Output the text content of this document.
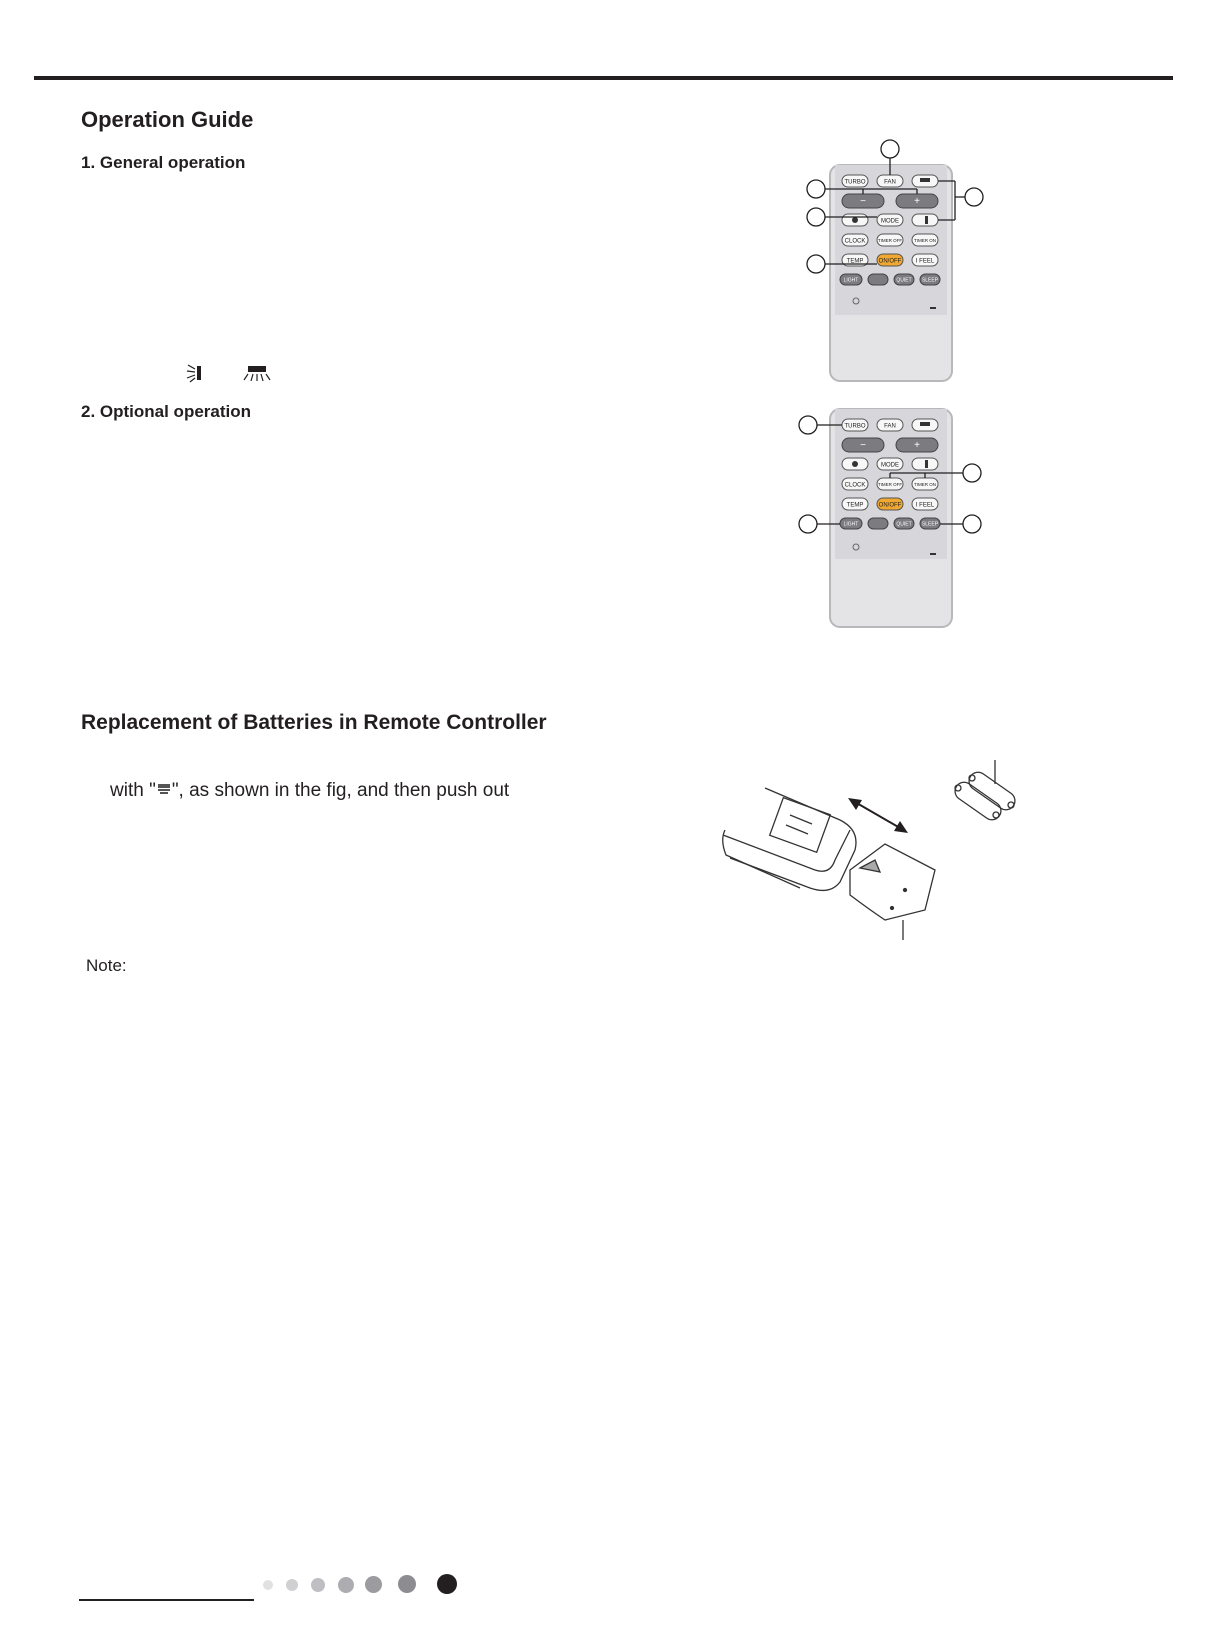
Operation Guide
1. General operation
2. Optional operation
TURBO	FAN
−	+
MODE
CLOCK	TIMER OFF	TIMER ON
TEMP	ON/OFF I FEEL
LIGHT	QUIET SLEEP
TURBO	FAN
−	+
MODE
CLOCK	TIMER OFF	TIMER ON
TEMP	ON/OFF I FEEL
LIGHT	QUIET SLEEP
Replacement of Batteries in Remote Controller
with " ", as shown in the fig, and then push out
Note:
